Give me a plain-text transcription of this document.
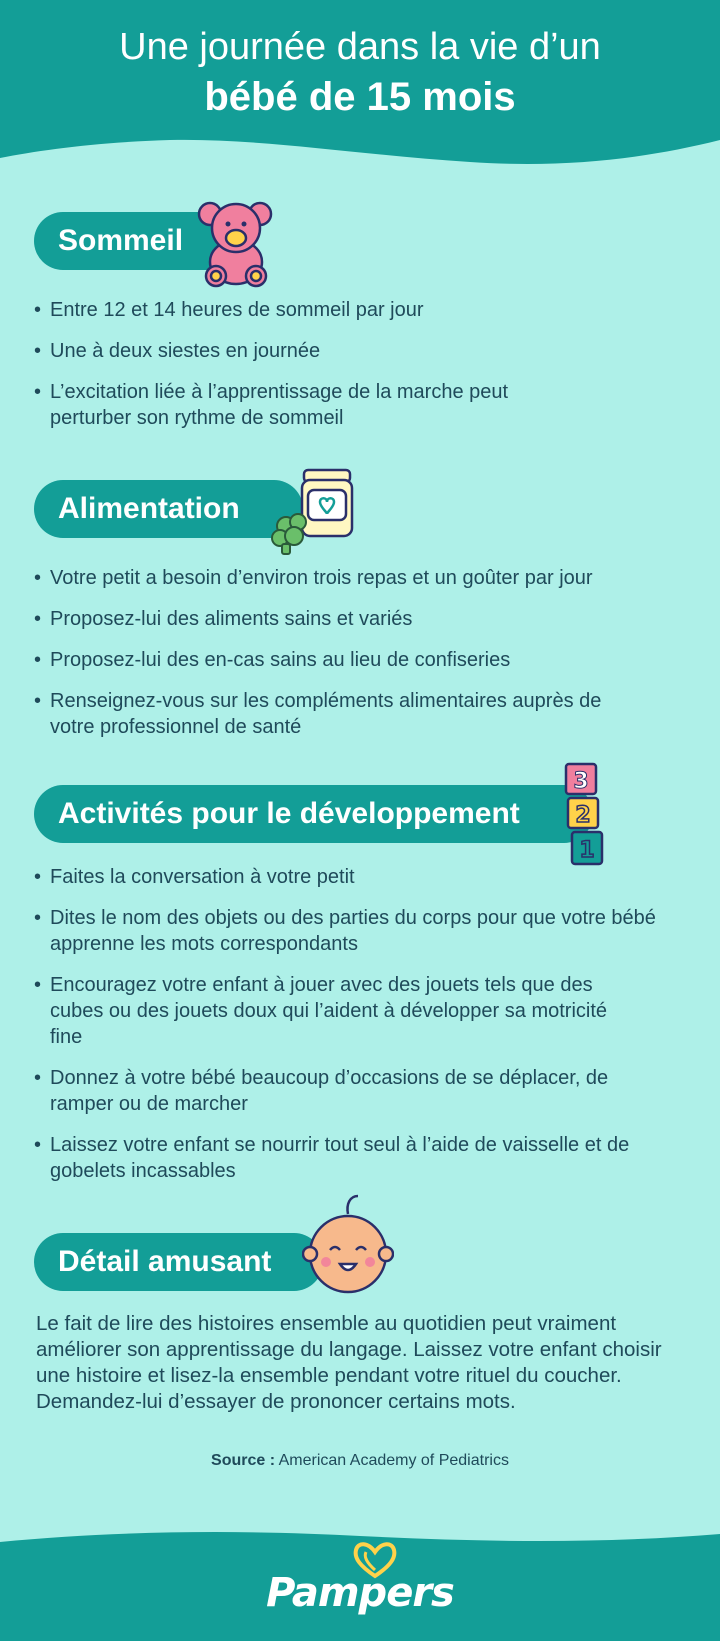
Une journée dans la vie d’un
bébé de 15 mois
Sommeil
• Entre 12 et 14 heures de sommeil par jour
• Une à deux siestes en journée
• L’excitation liée à l’apprentissage de la marche peut perturber son rythme de sommeil
Alimentation
• Votre petit a besoin d’environ trois repas et un goûter par jour
• Proposez-lui des aliments sains et variés
• Proposez-lui des en-cas sains au lieu de confiseries
• Renseignez-vous sur les compléments alimentaires auprès de votre professionnel de santé
Activités pour le développement
3
2
1
• Faites la conversation à votre petit
• Dites le nom des objets ou des parties du corps pour que votre bébé apprenne les mots correspondants
• Encouragez votre enfant à jouer avec des jouets tels que des cubes ou des jouets doux qui l’aident à développer sa motricité fine
• Donnez à votre bébé beaucoup d’occasions de se déplacer, de ramper ou de marcher
• Laissez votre enfant se nourrir tout seul à l’aide de vaisselle et de gobelets incassables
Détail amusant
Le fait de lire des histoires ensemble au quotidien peut vraiment améliorer son apprentissage du langage. Laissez votre enfant choisir une histoire et lisez-la ensemble pendant votre rituel du coucher. Demandez-lui d’essayer de prononcer certains mots.
Source : American Academy of Pediatrics
Pampers
